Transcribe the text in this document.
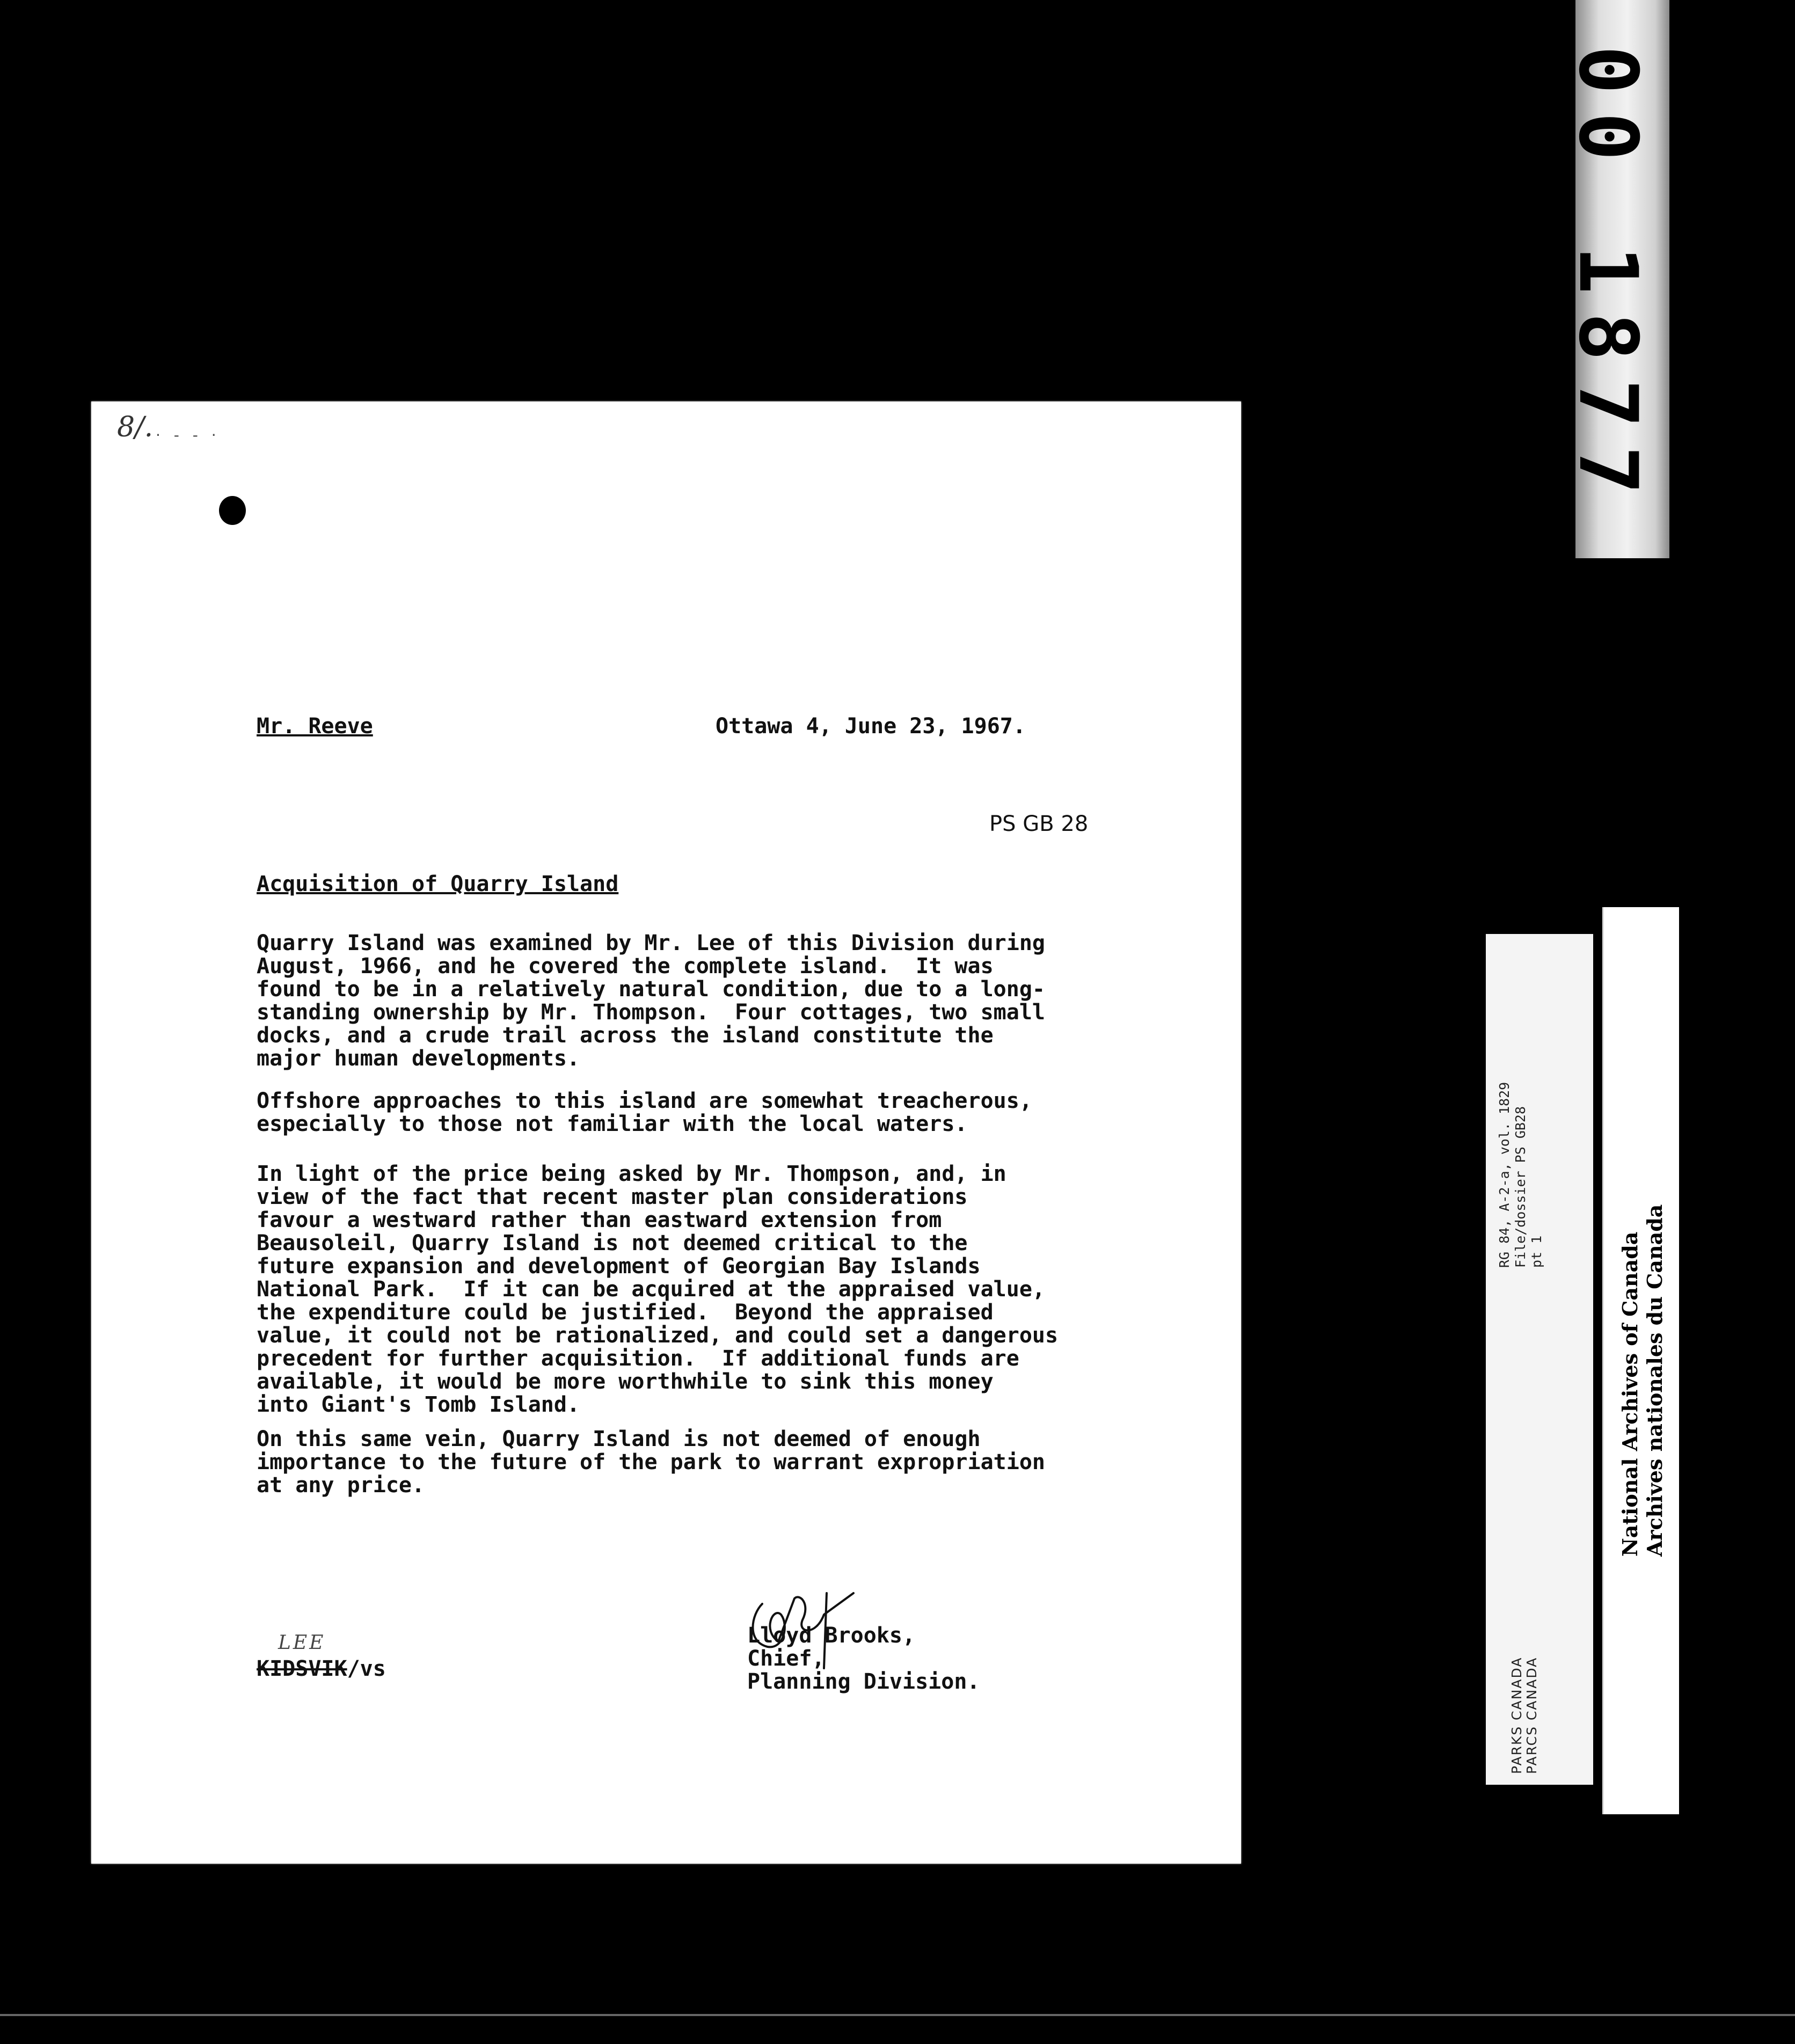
00 1877
8/. · - - ·
Mr. Reeve	Ottawa 4, June 23, 1967.
PS GB 28
Acquisition of Quarry Island

Quarry Island was examined by Mr. Lee of this Division during
August, 1966, and he covered the complete island.  It was
found to be in a relatively natural condition, due to a long-
standing ownership by Mr. Thompson.  Four cottages, two small
docks, and a crude trail across the island constitute the
major human developments.

Offshore approaches to this island are somewhat treacherous,
especially to those not familiar with the local waters.

In light of the price being asked by Mr. Thompson, and, in
view of the fact that recent master plan considerations
favour a westward rather than eastward extension from
Beausoleil, Quarry Island is not deemed critical to the
future expansion and development of Georgian Bay Islands
National Park.  If it can be acquired at the appraised value,
the expenditure could be justified.  Beyond the appraised
value, it could not be rationalized, and could set a dangerous
precedent for further acquisition.  If additional funds are
available, it would be more worthwhile to sink this money
into Giant's Tomb Island.

On this same vein, Quarry Island is not deemed of enough
importance to the future of the park to warrant expropriation
at any price.

LEE
KIDSVIK/vs
Lloyd Brooks,
Chief,
Planning Division.
RG 84, A-2-a, vol. 1829 File/dossier PS GB28 pt 1
PARKS CANADA PARCS CANADA
National Archives of Canada Archives nationales du Canada
